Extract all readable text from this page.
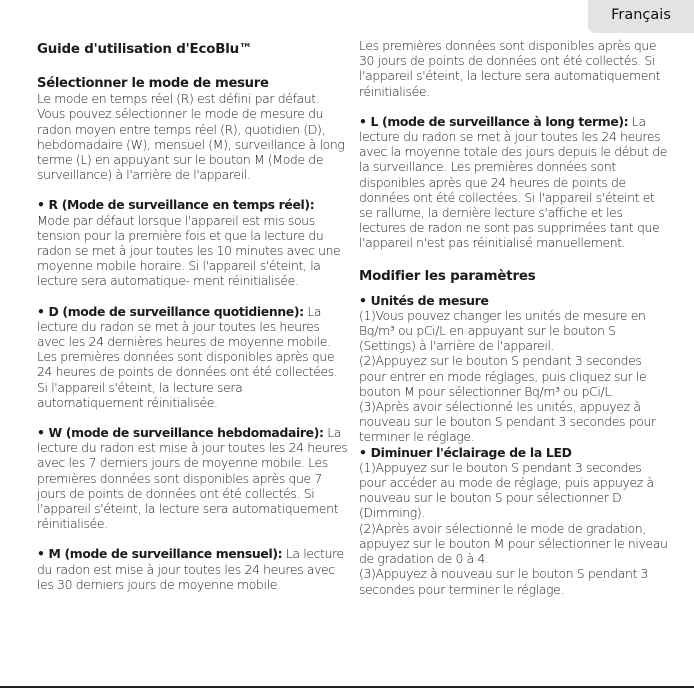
Français
Guide d'utilisation d'EcoBlu™
Sélectionner le mode de mesure

Le mode en temps réel (R) est défini par défaut. Vous pouvez sélectionner le mode de mesure du radon moyen entre temps réel (R), quotidien (D), hebdomadaire (W), mensuel (M), surveillance à long terme (L) en appuyant sur le bouton M (Mode de surveillance) à l'arrière de l'appareil.

• R (Mode de surveillance en temps réel): Mode par défaut lorsque l'appareil est mis sous tension pour la première fois et que la lecture du radon se met à jour toutes les 10 minutes avec une moyenne mobile horaire. Si l'appareil s'éteint, la lecture sera automatique- ment réinitialisée.

• D (mode de surveillance quotidienne): La lecture du radon se met à jour toutes les heures avec les 24 dernières heures de moyenne mobile. Les premières données sont disponibles après que 24 heures de points de données ont été collectées. Si l'appareil s'éteint, la lecture sera automatiquement réinitialisée.

• W (mode de surveillance hebdomadaire): La lecture du radon est mise à jour toutes les 24 heures avec les 7 derniers jours de moyenne mobile. Les premières données sont disponibles après que 7 jours de points de données ont été collectés. Si l'appareil s'éteint, la lecture sera automatiquement réinitialisée.

• M (mode de surveillance mensuel): La lecture du radon est mise à jour toutes les 24 heures avec les 30 derniers jours de moyenne mobile.

Les premières données sont disponibles après que 30 jours de points de données ont été collectés. Si l'appareil s'éteint, la lecture sera automatiquement réinitialisée.

• L (mode de surveillance à long terme): La lecture du radon se met à jour toutes les 24 heures avec la moyenne totale des jours depuis le début de la surveillance. Les premières données sont disponibles après que 24 heures de points de données ont été collectées. Si l'appareil s'éteint et se rallume, la dernière lecture s'affiche et les lectures de radon ne sont pas supprimées tant que l'appareil n'est pas réinitialisé manuellement.

Modifier les paramètres
• Unités de mesure

(1)Vous pouvez changer les unités de mesure en Bq/m³ ou pCi/L en appuyant sur le bouton S (Settings) à l'arrière de l'appareil.

(2)Appuyez sur le bouton S pendant 3 secondes pour entrer en mode réglages, puis cliquez sur le bouton M pour sélectionner Bq/m³ ou pCi/L.

(3)Après avoir sélectionné les unités, appuyez à nouveau sur le bouton S pendant 3 secondes pour terminer le réglage.

• Diminuer l'éclairage de la LED

(1)Appuyez sur le bouton S pendant 3 secondes pour accéder au mode de réglage, puis appuyez à nouveau sur le bouton S pour sélectionner D (Dimming).

(2)Après avoir sélectionné le mode de gradation, appuyez sur le bouton M pour sélectionner le niveau de gradation de 0 à 4.

(3)Appuyez à nouveau sur le bouton S pendant 3 secondes pour terminer le réglage.
